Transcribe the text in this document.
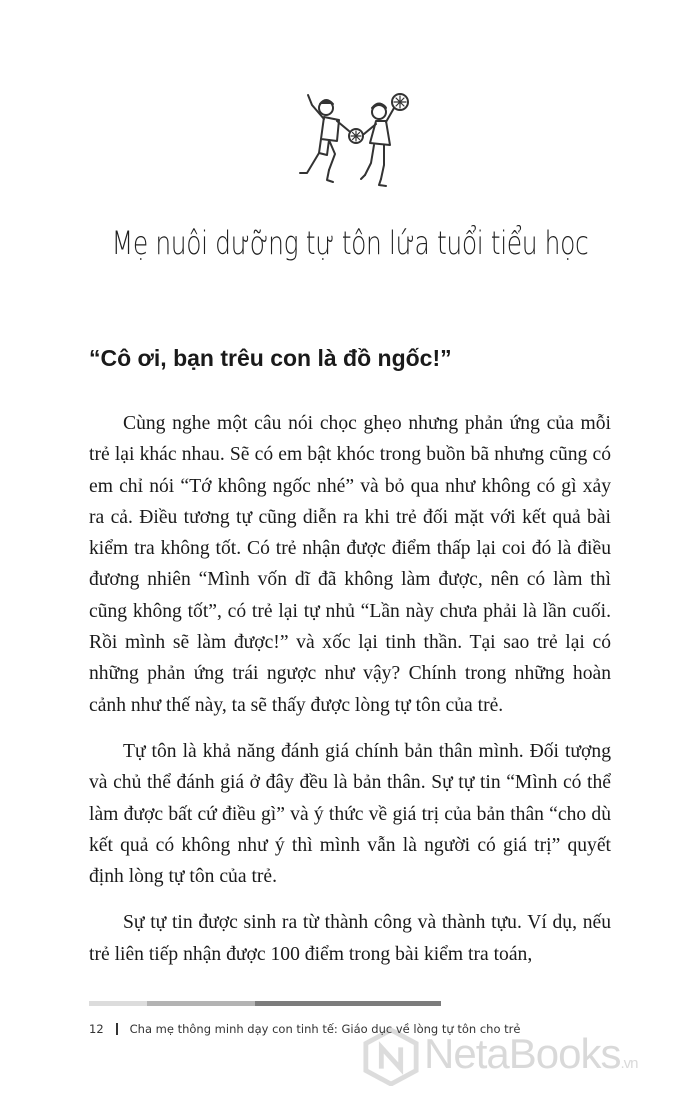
Mẹ nuôi dưỡng tự tôn lứa tuổi tiểu học
“Cô ơi, bạn trêu con là đồ ngốc!”

Cùng nghe một câu nói chọc ghẹo nhưng phản ứng của mỗi trẻ lại khác nhau. Sẽ có em bật khóc trong buồn bã nhưng cũng có em chỉ nói “Tớ không ngốc nhé” và bỏ qua như không có gì xảy ra cả. Điều tương tự cũng diễn ra khi trẻ đối mặt với kết quả bài kiểm tra không tốt. Có trẻ nhận được điểm thấp lại coi đó là điều đương nhiên “Mình vốn dĩ đã không làm được, nên có làm thì cũng không tốt”, có trẻ lại tự nhủ “Lần này chưa phải là lần cuối. Rồi mình sẽ làm được!” và xốc lại tinh thần. Tại sao trẻ lại có những phản ứng trái ngược như vậy? Chính trong những hoàn cảnh như thế này, ta sẽ thấy được lòng tự tôn của trẻ.

Tự tôn là khả năng đánh giá chính bản thân mình. Đối tượng và chủ thể đánh giá ở đây đều là bản thân. Sự tự tin “Mình có thể làm được bất cứ điều gì” và ý thức về giá trị của bản thân “cho dù kết quả có không như ý thì mình vẫn là người có giá trị” quyết định lòng tự tôn của trẻ.

Sự tự tin được sinh ra từ thành công và thành tựu. Ví dụ, nếu trẻ liên tiếp nhận được 100 điểm trong bài kiểm tra toán,

12 Cha mẹ thông minh dạy con tinh tế: Giáo dục về lòng tự tôn cho trẻ
NetaBooks.vn
